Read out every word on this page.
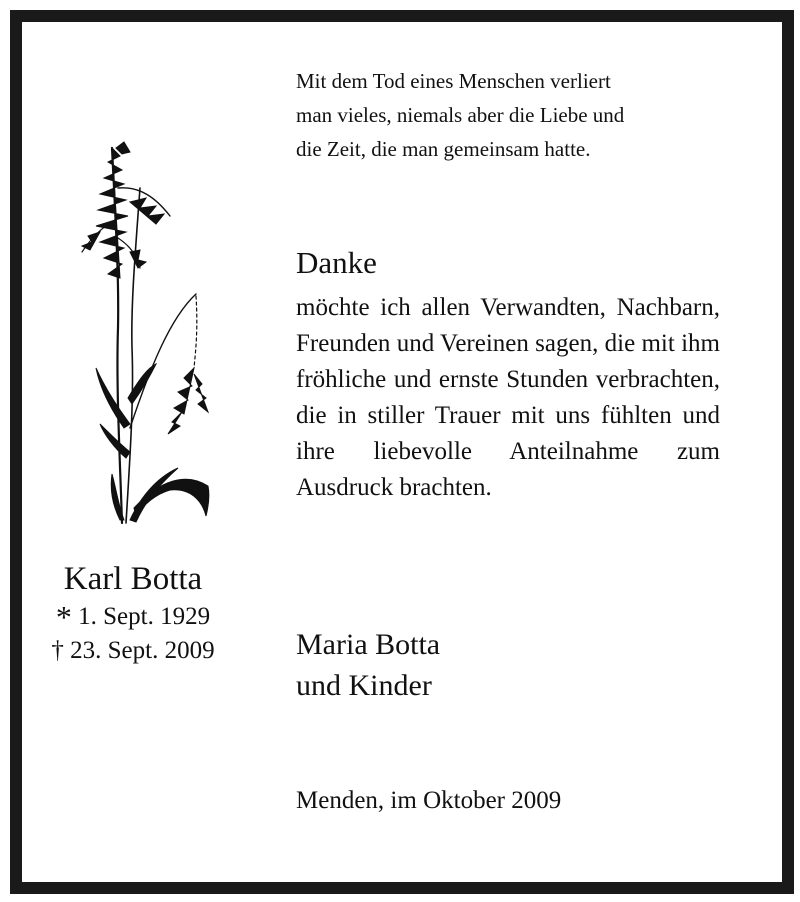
Mit dem Tod eines Menschen verliert
man vieles, niemals aber die Liebe und
die Zeit, die man gemeinsam hatte.

Danke

möchte ich allen Verwandten, Nachbarn, Freunden und Vereinen sagen, die mit ihm fröhliche und ernste Stunden verbrachten, die in stiller Trauer mit uns fühlten und ihre liebevolle Anteilnahme zum Ausdruck brachten.

Karl Botta

* 1. Sept. 1929

† 23. Sept. 2009	Maria Botta
und Kinder

Menden, im Oktober 2009
